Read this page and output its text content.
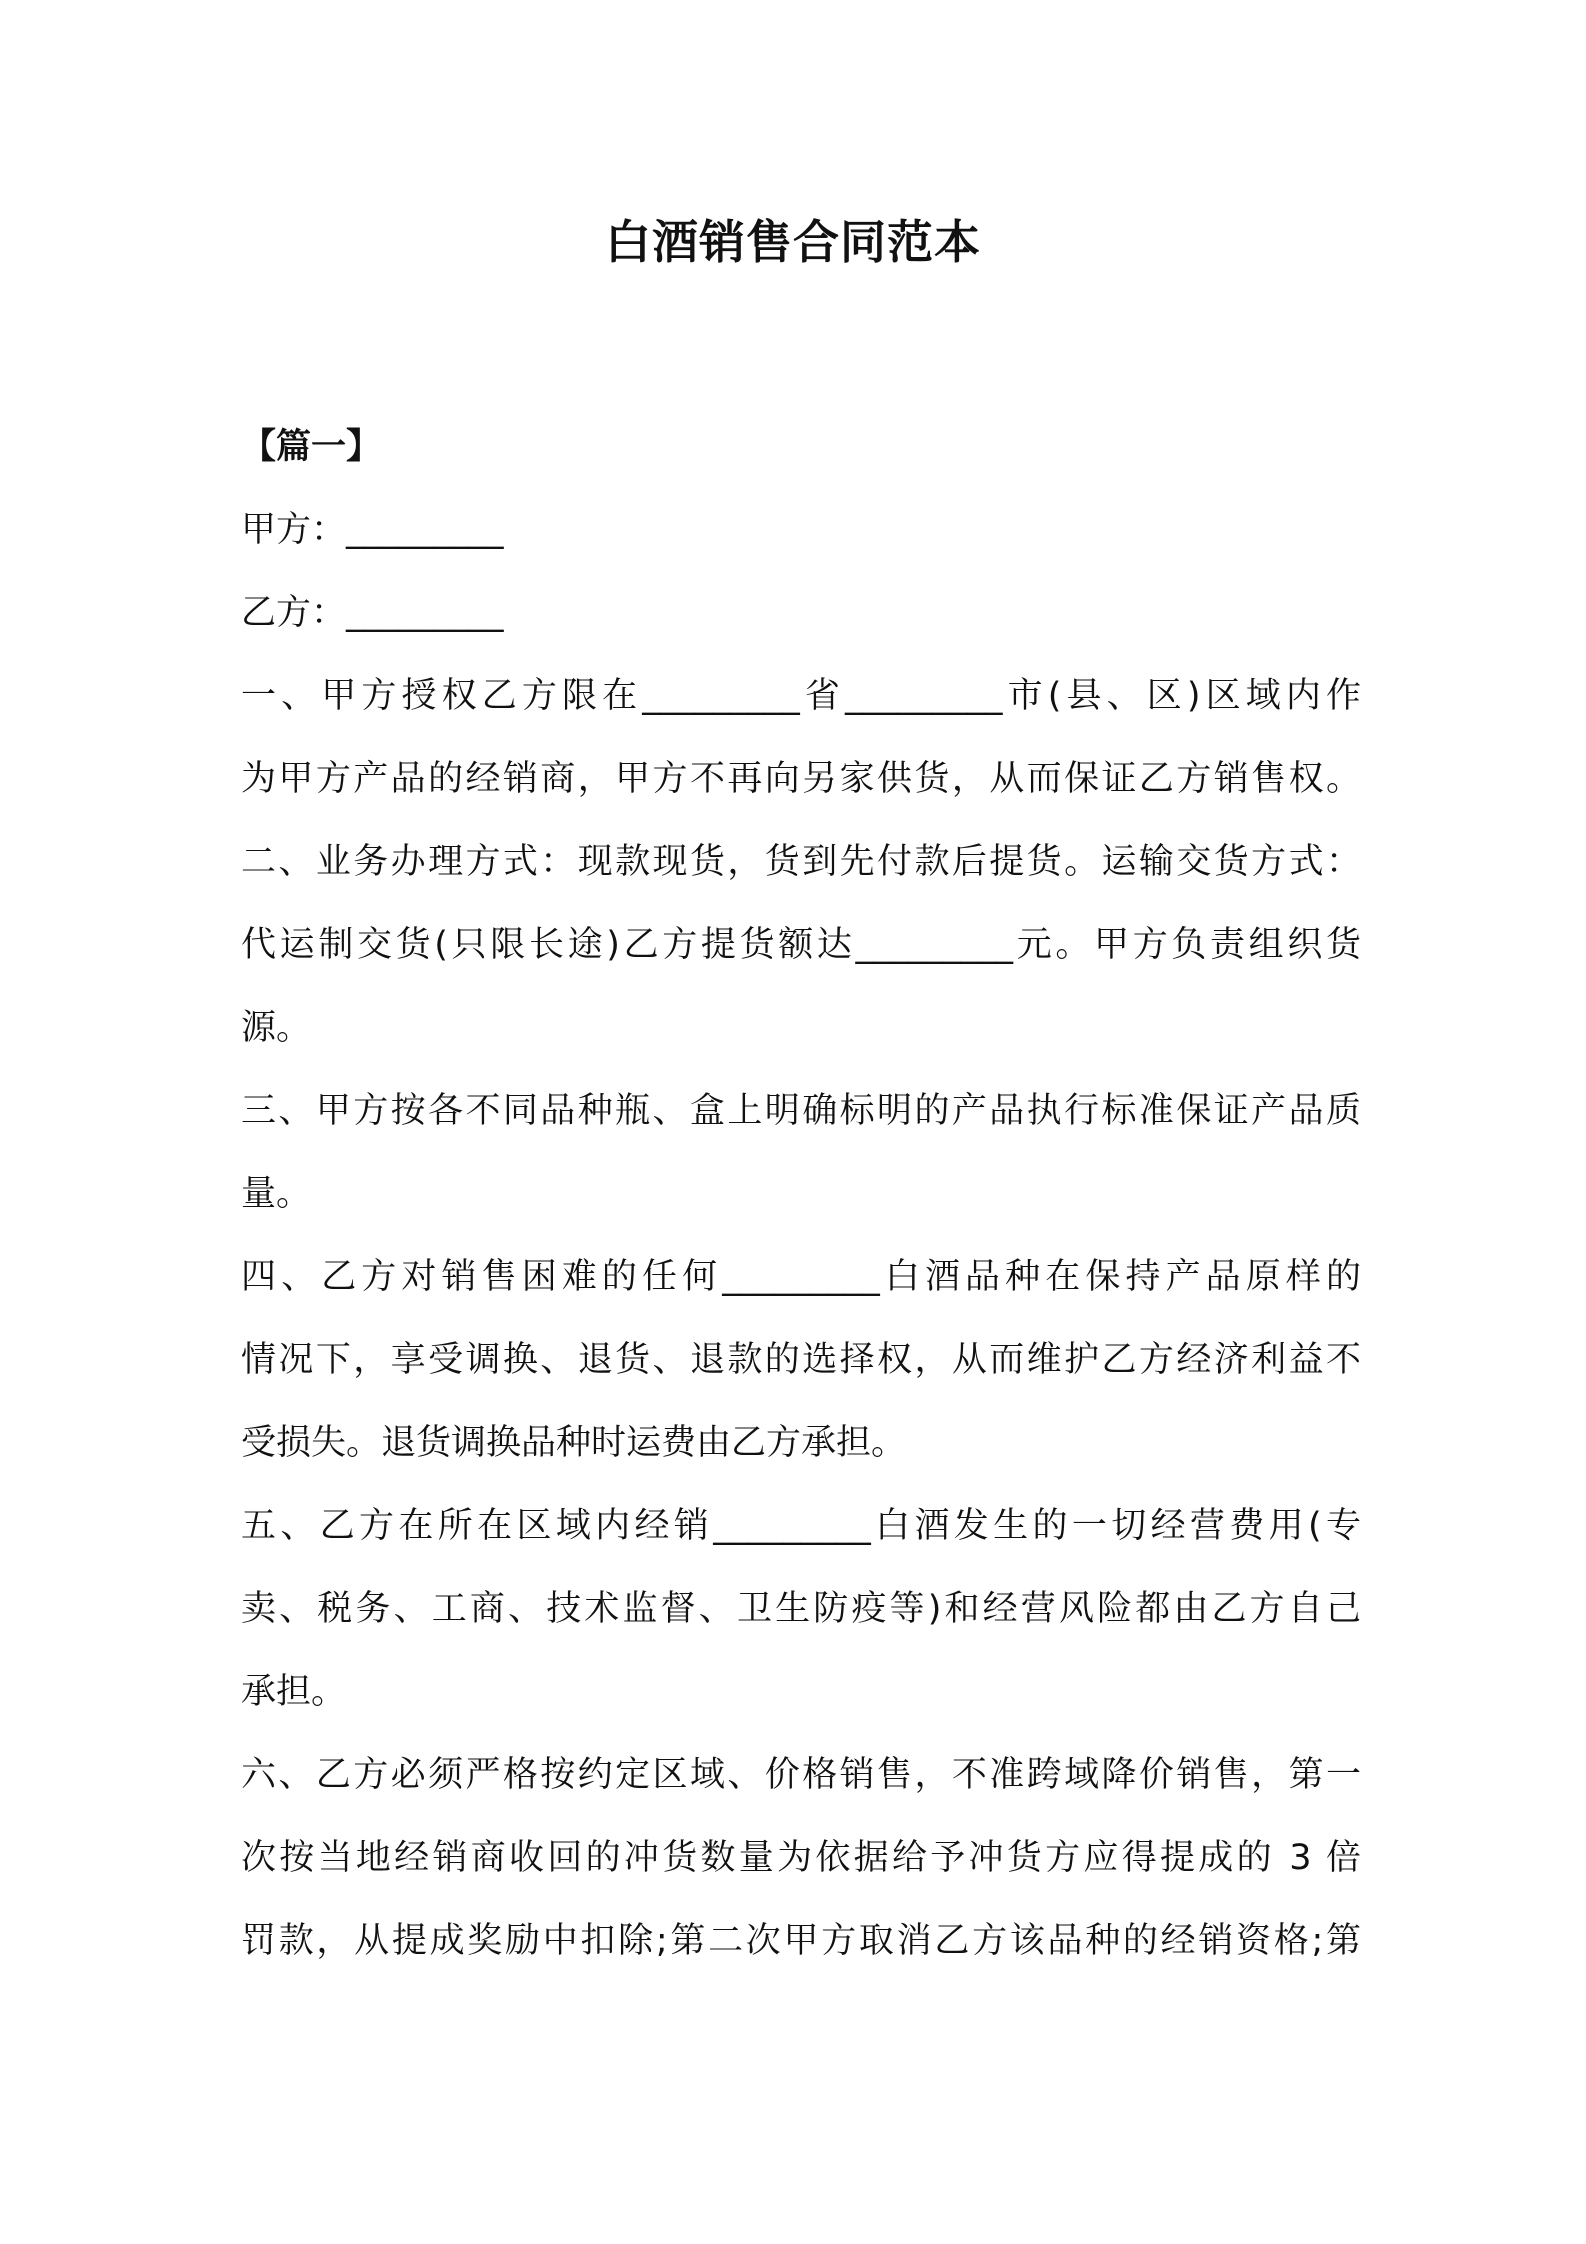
白酒销售合同范本
【篇一】
甲方：_________
乙方：_________
一、甲方授权乙方限在_________省_________市(县、区)区域内作
为甲方产品的经销商，甲方不再向另家供货，从而保证乙方销售权。
二、业务办理方式：现款现货，货到先付款后提货。运输交货方式：
代运制交货(只限长途)乙方提货额达_________元。甲方负责组织货
源。
三、甲方按各不同品种瓶、盒上明确标明的产品执行标准保证产品质
量。
四、乙方对销售困难的任何_________白酒品种在保持产品原样的
情况下，享受调换、退货、退款的选择权，从而维护乙方经济利益不
受损失。退货调换品种时运费由乙方承担。
五、乙方在所在区域内经销_________白酒发生的一切经营费用(专
卖、税务、工商、技术监督、卫生防疫等)和经营风险都由乙方自己
承担。
六、乙方必须严格按约定区域、价格销售，不准跨域降价销售，第一
次按当地经销商收回的冲货数量为依据给予冲货方应得提成的 3 倍
罚款，从提成奖励中扣除;第二次甲方取消乙方该品种的经销资格;第
